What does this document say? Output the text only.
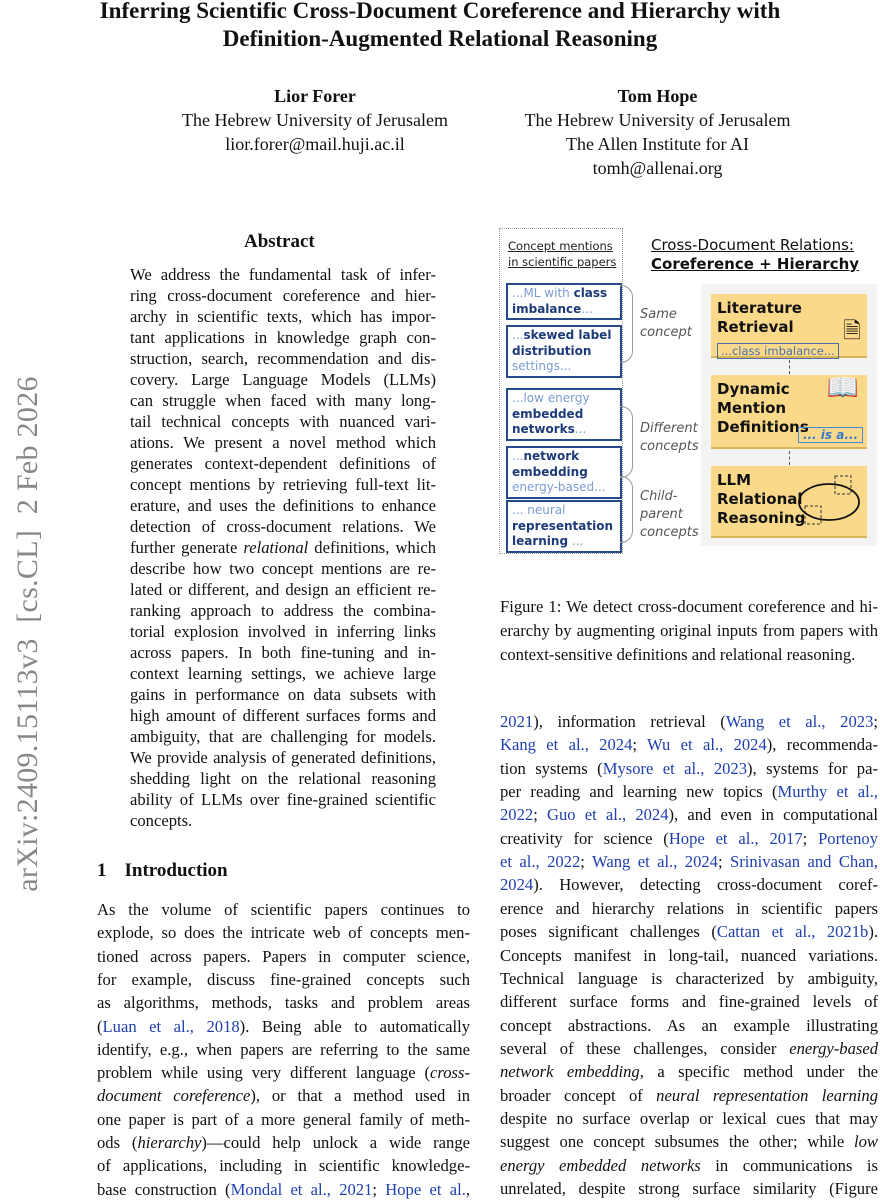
Inferring Scientific Cross-Document Coreference and Hierarchy with
Definition-Augmented Relational Reasoning
Lior Forer
The Hebrew University of Jerusalem
lior.forer@mail.huji.ac.il
Tom Hope
The Hebrew University of Jerusalem
The Allen Institute for AI
tomh@allenai.org
arXiv:2409.15113v3  [cs.CL]  2 Feb 2026
Abstract
We address the fundamental task of infer-
ring cross-document coreference and hier-
archy in scientific texts, which has impor-
tant applications in knowledge graph con-
struction, search, recommendation and dis-
covery. Large Language Models (LLMs)
can struggle when faced with many long-
tail technical concepts with nuanced vari-
ations. We present a novel method which
generates context-dependent definitions of
concept mentions by retrieving full-text lit-
erature, and uses the definitions to enhance
detection of cross-document relations. We
further generate relational definitions, which
describe how two concept mentions are re-
lated or different, and design an efficient re-
ranking approach to address the combina-
torial explosion involved in inferring links
across papers. In both fine-tuning and in-
context learning settings, we achieve large
gains in performance on data subsets with
high amount of different surfaces forms and
ambiguity, that are challenging for models.
We provide analysis of generated definitions,
shedding light on the relational reasoning
ability of LLMs over fine-grained scientific
concepts.
1 Introduction
As the volume of scientific papers continues to
explode, so does the intricate web of concepts men-
tioned across papers. Papers in computer science,
for example, discuss fine-grained concepts such
as algorithms, methods, tasks and problem areas
(Luan et al., 2018). Being able to automatically
identify, e.g., when papers are referring to the same
problem while using very different language (cross-
document coreference), or that a method used in
one paper is part of a more general family of meth-
ods (hierarchy)—could help unlock a wide range
of applications, including in scientific knowledge-
base construction (Mondal et al., 2021; Hope et al.,
2021), information retrieval (Wang et al., 2023;
Kang et al., 2024; Wu et al., 2024), recommenda-
tion systems (Mysore et al., 2023), systems for pa-
per reading and learning new topics (Murthy et al.,
2022; Guo et al., 2024), and even in computational
creativity for science (Hope et al., 2017; Portenoy
et al., 2022; Wang et al., 2024; Srinivasan and Chan,
2024). However, detecting cross-document coref-
erence and hierarchy relations in scientific papers
poses significant challenges (Cattan et al., 2021b).
Concepts manifest in long-tail, nuanced variations.
Technical language is characterized by ambiguity,
different surface forms and fine-grained levels of
concept abstractions. As an example illustrating
several of these challenges, consider energy-based
network embedding, a specific method under the
broader concept of neural representation learning
despite no surface overlap or lexical cues that may
suggest one concept subsumes the other; while low
energy embedded networks in communications is
unrelated, despite strong surface similarity (Figure
Figure 1: We detect cross-document coreference and hi-
erarchy by augmenting original inputs from papers with
context-sensitive definitions and relational reasoning.
Concept mentions
in scientific papers
...ML with class
imbalance...
...skewed label
distribution
settings...
...low energy
embedded
networks...
...network
embedding
energy-based...
... neural
representation
learning ...
Same
concept
Different
concepts
Child-
parent
concepts
Cross-Document Relations:
Coreference + Hierarchy
Literature Retrieval
...class imbalance...
🗎
Dynamic
Mention
Definitions
📖
... is a...
LLM
Relational
Reasoning
